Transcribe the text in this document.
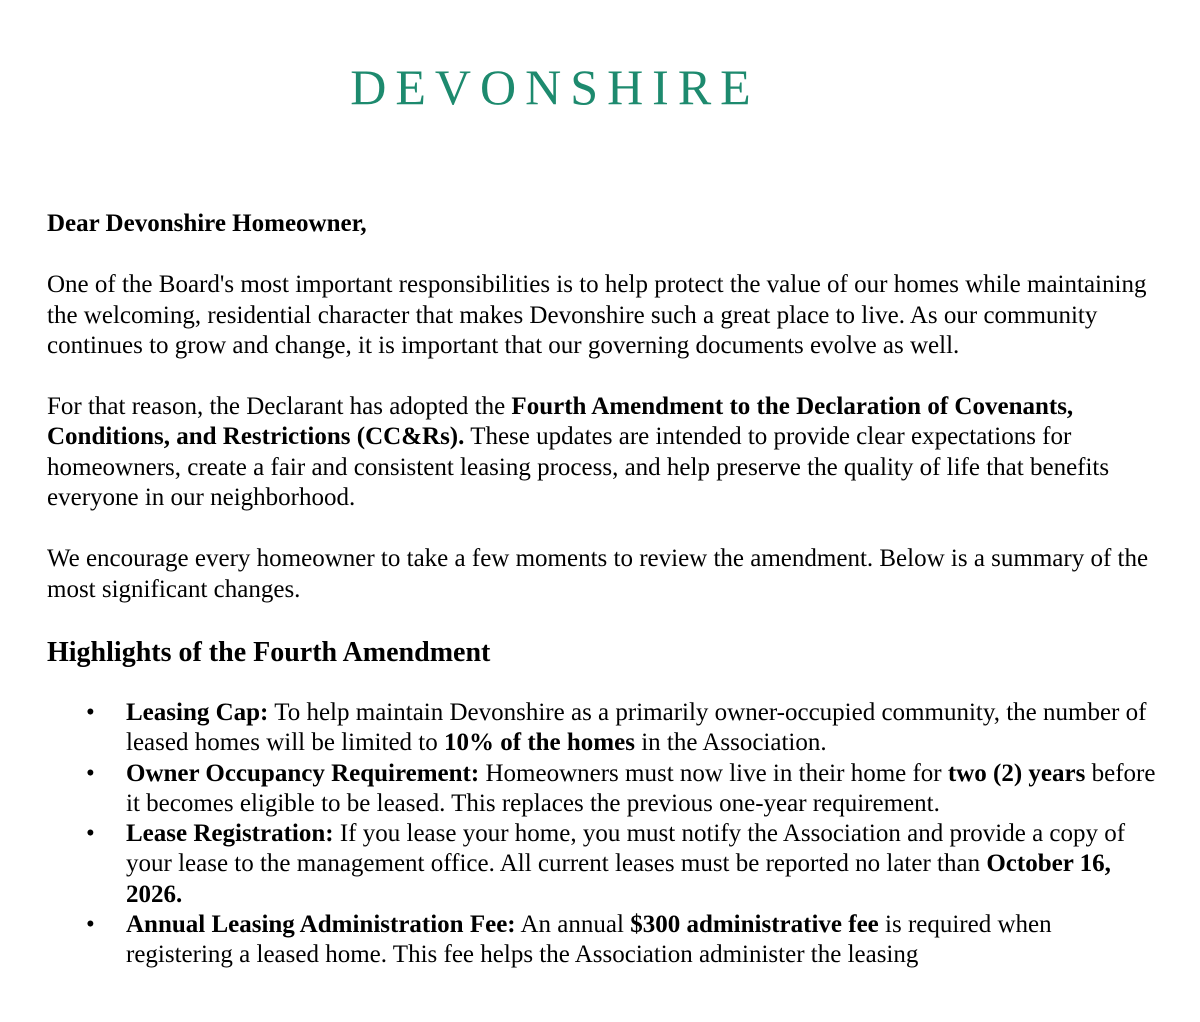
DEVONSHIRE

Dear Devonshire Homeowner,

One of the Board's most important responsibilities is to help protect the value of our homes while maintaining the welcoming, residential character that makes Devonshire such a great place to live. As our community continues to grow and change, it is important that our governing documents evolve as well.

For that reason, the Declarant has adopted the Fourth Amendment to the Declaration of Covenants, Conditions, and Restrictions (CC&Rs). These updates are intended to provide clear expectations for homeowners, create a fair and consistent leasing process, and help preserve the quality of life that benefits everyone in our neighborhood.

We encourage every homeowner to take a few moments to review the amendment. Below is a summary of the most significant changes.

Highlights of the Fourth Amendment
• Leasing Cap: To help maintain Devonshire as a primarily owner-occupied community, the number of leased homes will be limited to 10% of the homes in the Association.
• Owner Occupancy Requirement: Homeowners must now live in their home for two (2) years before it becomes eligible to be leased. This replaces the previous one-year requirement.
• Lease Registration: If you lease your home, you must notify the Association and provide a copy of your lease to the management office. All current leases must be reported no later than October 16, 2026.
• Annual Leasing Administration Fee: An annual $300 administrative fee is required when registering a leased home. This fee helps the Association administer the leasing
